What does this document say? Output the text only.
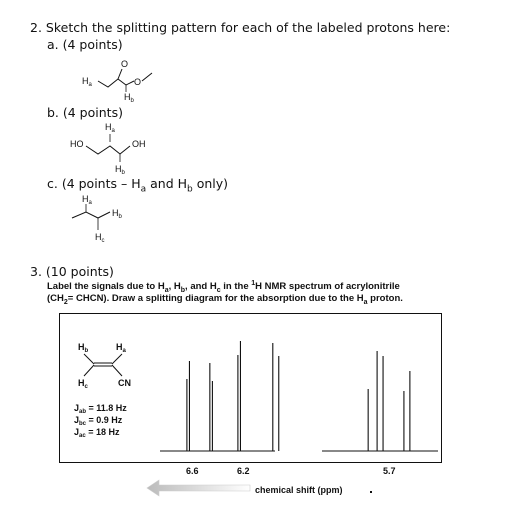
2. Sketch the splitting pattern for each of the labeled protons here:
a. (4 points)
$H_a$
O
$H_b$
O
b. (4 points)
$H_a$
HO	OH
$H_b$
c. (4 points – $H_a$ and $H_b$ only)
$H_a$
$H_b$
$H_c$
3. (10 points)
Label the signals due to $H_a$, $H_b$, and $H_c$ in the $^1$H NMR spectrum of acrylonitrile
($CH_2=$ CHCN). Draw a splitting diagram for the absorption due to the $H_a$ proton.
$H_b$	$H_a$
$H_c$	CN
$J_{ab} = 11.8$ Hz
$J_{bc} = 0.9$ Hz
$J_{ac} = 18$ Hz
6.6	6.2	5.7
chemical shift (ppm)
